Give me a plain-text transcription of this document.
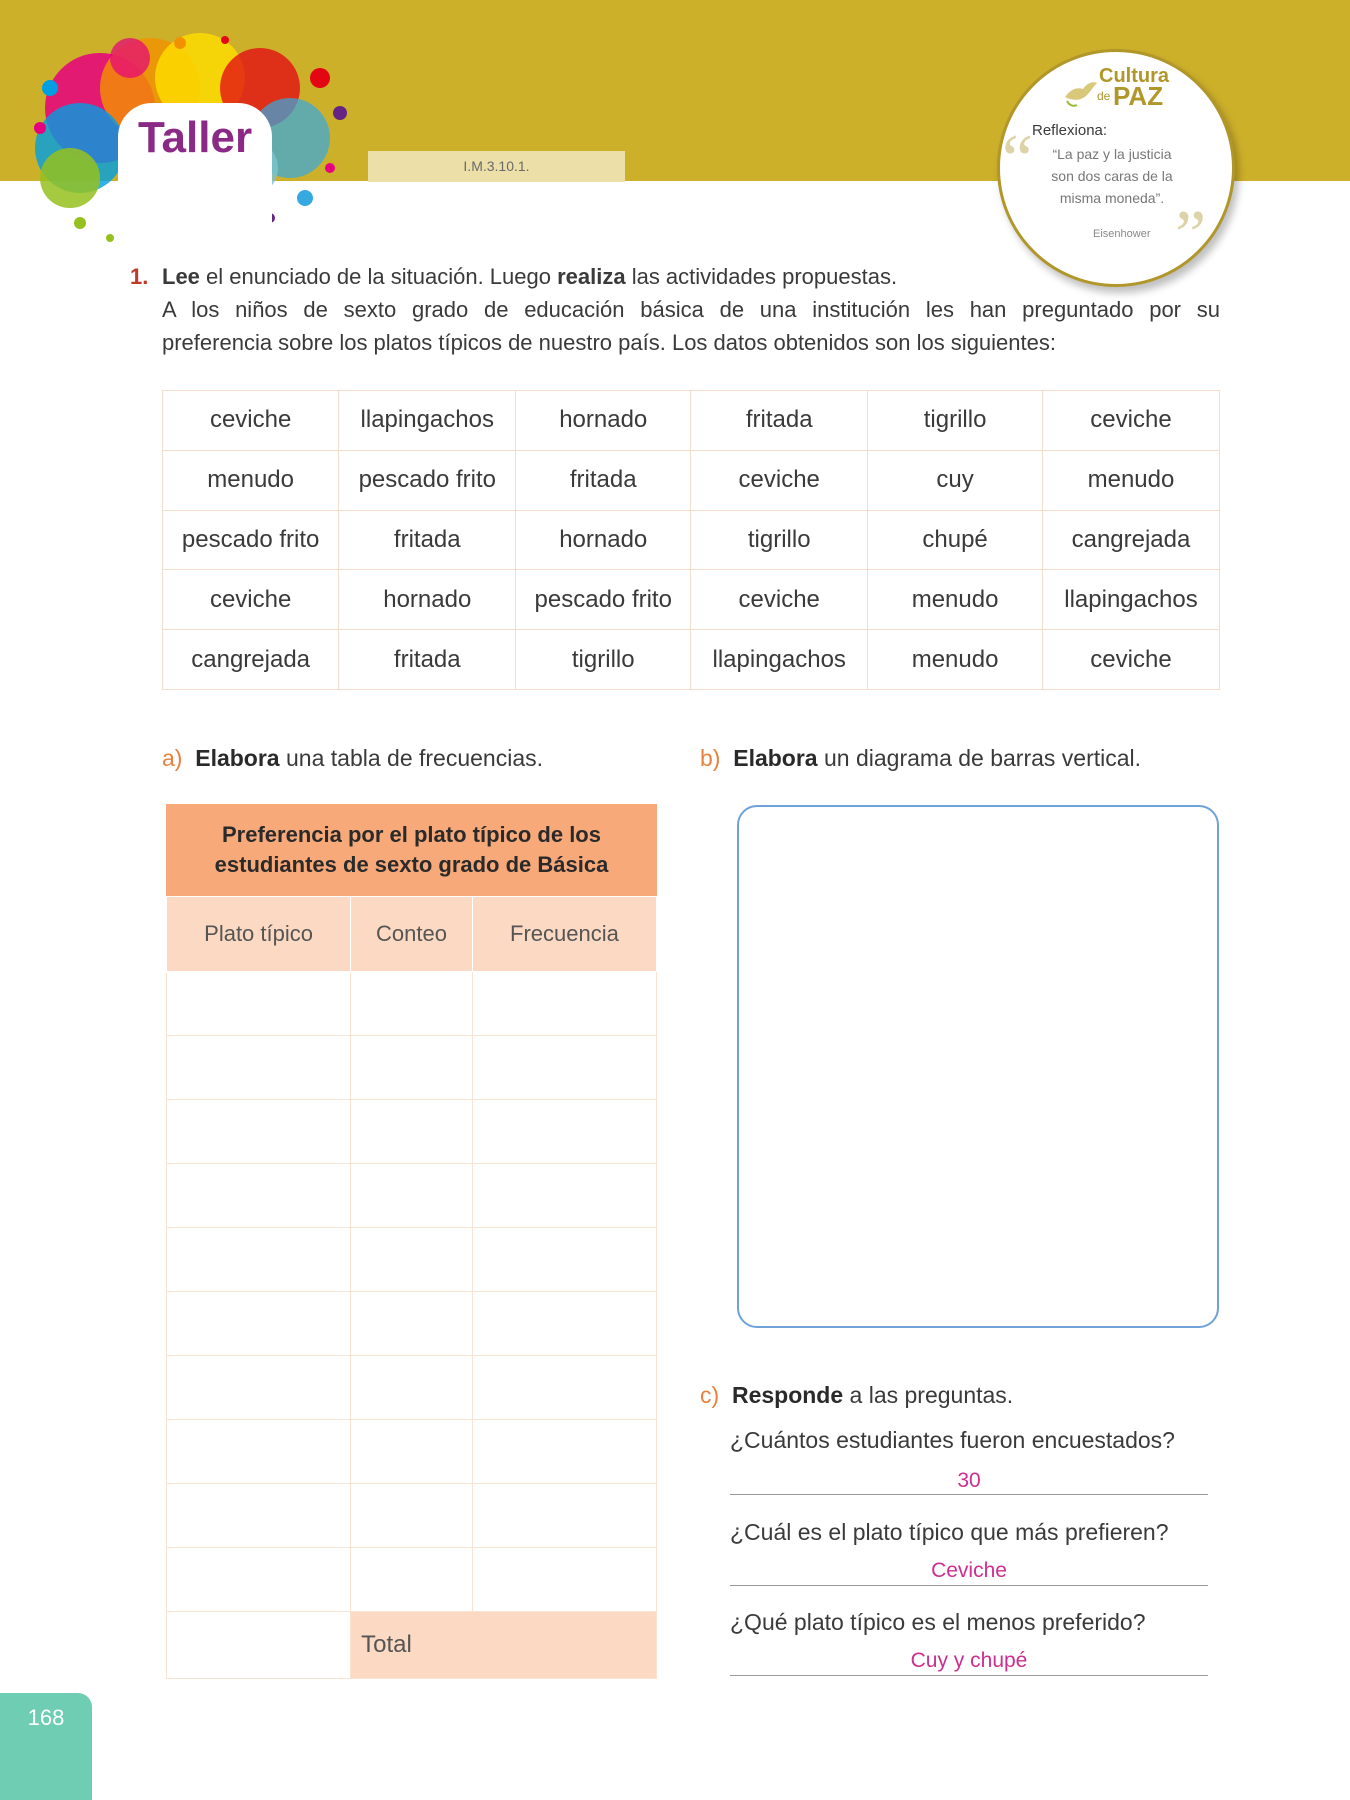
Taller
I.M.3.10.1.
Cultura
de PAZ
“
Reflexiona:
“La paz y la justicia son dos caras de la misma moneda”.
Eisenhower ”
1. Lee el enunciado de la situación. Luego realiza las actividades propuestas.
A los niños de sexto grado de educación básica de una institución les han preguntado por su
preferencia sobre los platos típicos de nuestro país. Los datos obtenidos son los siguientes:
ceviche	llapingachos	hornado	fritada	tigrillo	ceviche
menudo	pescado frito	fritada	ceviche	cuy	menudo
pescado frito	fritada	hornado	tigrillo	chupé	cangrejada
ceviche	hornado	pescado frito	ceviche	menudo	llapingachos
cangrejada	fritada	tigrillo	llapingachos	menudo	ceviche
a) Elabora una tabla de frecuencias.
Preferencia por el plato típico de los estudiantes de sexto grado de Básica
Plato típico	Conteo	Frecuencia

	Total	
b) Elabora un diagrama de barras vertical.
c) Responde a las preguntas.
¿Cuántos estudiantes fueron encuestados?
30
¿Cuál es el plato típico que más prefieren?
Ceviche
¿Qué plato típico es el menos preferido?
Cuy y chupé
168
